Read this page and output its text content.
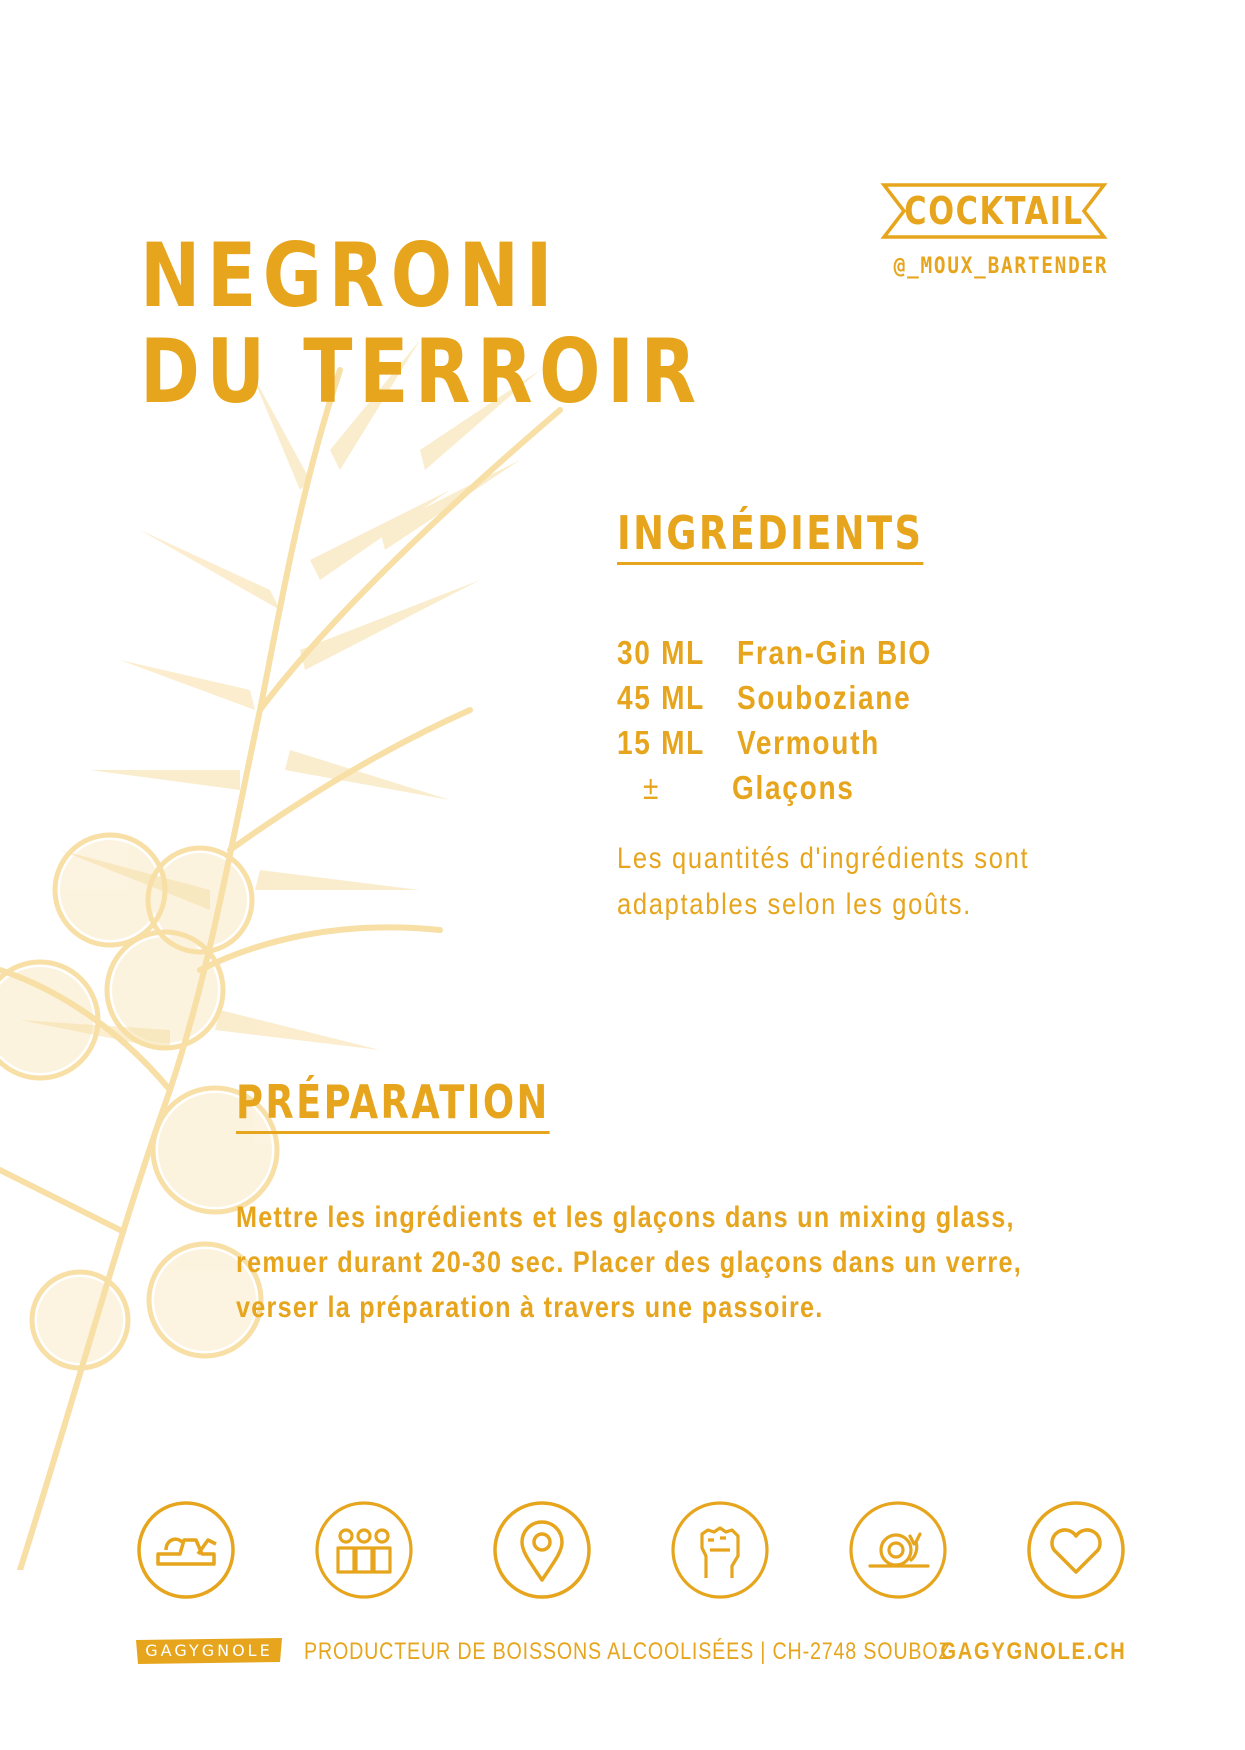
NEGRONI
DU TERROIR
COCKTAIL
@_MOUX_BARTENDER
INGRÉDIENTS
30 ML Fran-Gin BIO
45 ML Souboziane
15 ML Vermouth
±	Glaçons

Les quantités d'ingrédients sont adaptables selon les goûts.

PRÉPARATION

Mettre les ingrédients et les glaçons dans un mixing glass, remuer durant 20-30 sec. Placer des glaçons dans un verre, verser la préparation à travers une passoire.

GAGYGNOLE	PRODUCTEUR DE BOISSONS ALCOOLISÉES | CH-2748 SOUBOZ
GAGYGNOLE.CH
